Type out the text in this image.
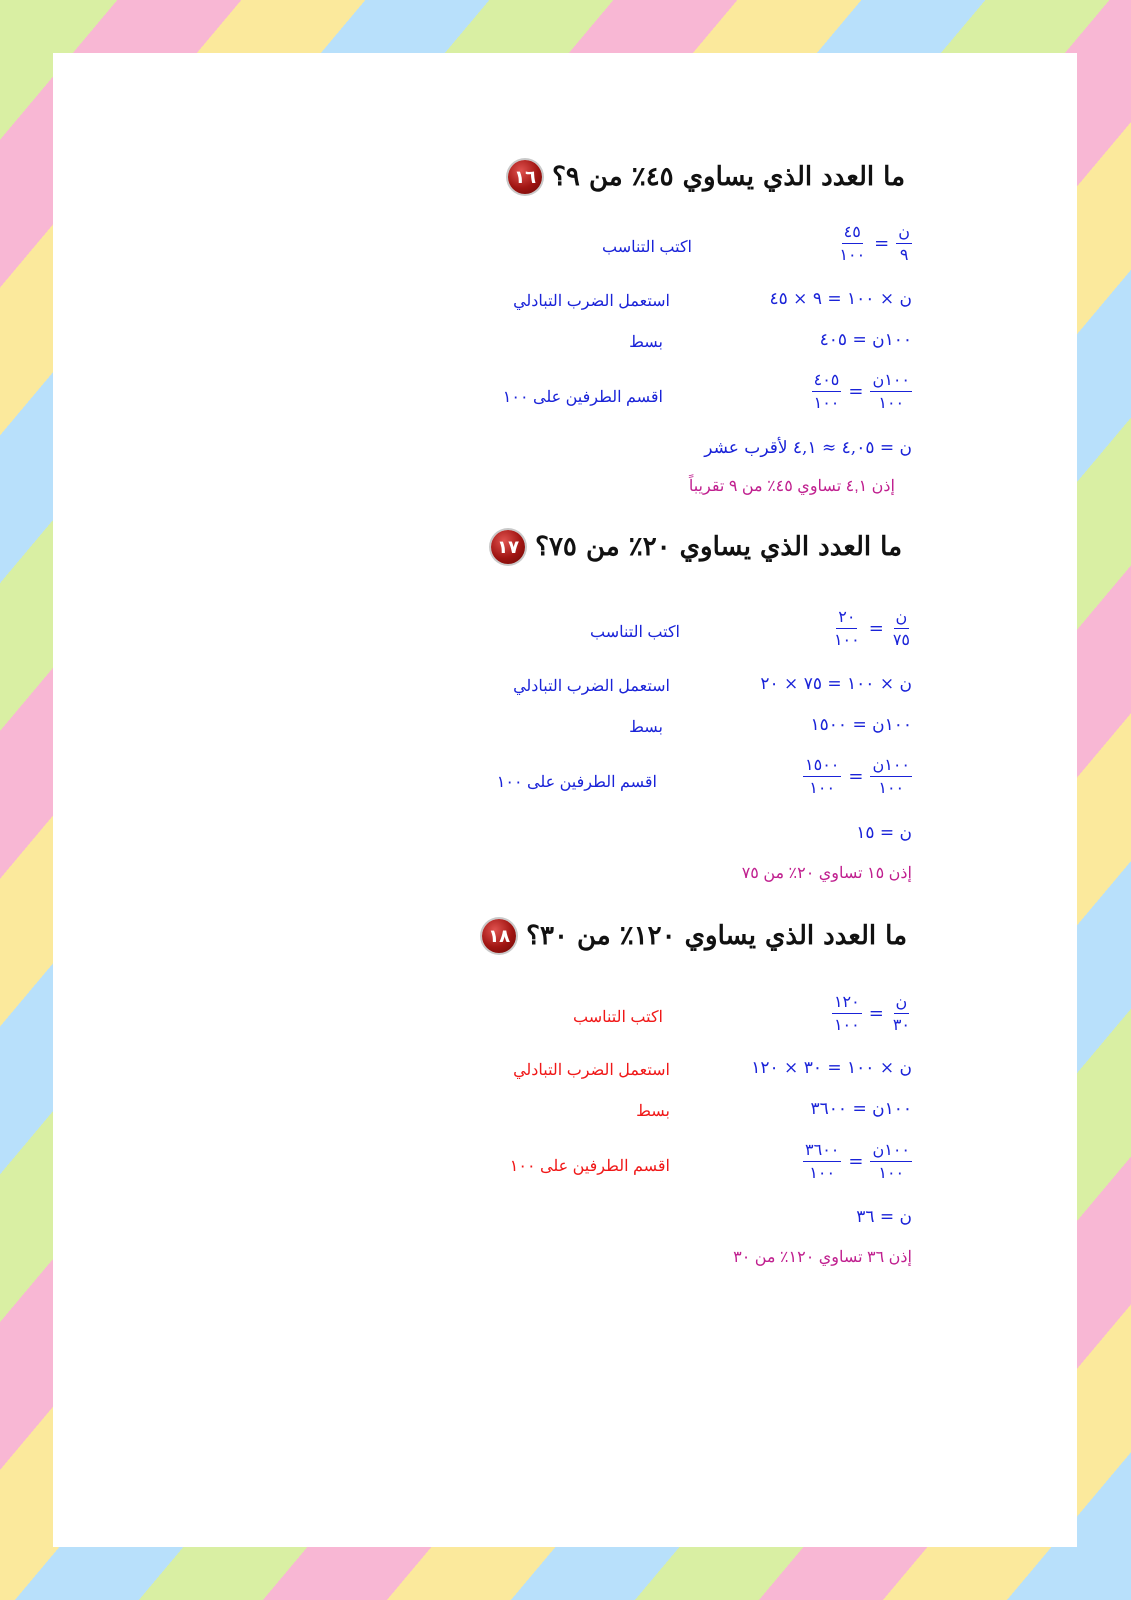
١٦ ما العدد الذي يساوي ٤٥٪ من ٩؟
$\frac{\text{ن}}{٩}$
=
$\frac{٤٥}{١٠٠}$
اكتب التناسب
ن × ١٠٠ = ٩ × ٤٥
استعمل الضرب التبادلي
١٠٠ن = ٤٠٥
بسط
$\frac{\text{١٠٠ن}}{١٠٠}$
=
$\frac{٤٠٥}{١٠٠}$
اقسم الطرفين على ١٠٠
ن = ٤,٠٥ ≈ ٤,١ لأقرب عشر
إذن ٤,١ تساوي ٤٥٪ من ٩ تقريباً
١٧ ما العدد الذي يساوي ٢٠٪ من ٧٥؟
$\frac{\text{ن}}{٧٥}$
=
$\frac{٢٠}{١٠٠}$
اكتب التناسب
ن × ١٠٠ = ٧٥ × ٢٠
استعمل الضرب التبادلي
١٠٠ن = ١٥٠٠
بسط
$\frac{\text{١٠٠ن}}{١٠٠}$
=
$\frac{١٥٠٠}{١٠٠}$
اقسم الطرفين على ١٠٠
ن = ١٥
إذن ١٥ تساوي ٢٠٪ من ٧٥
١٨ ما العدد الذي يساوي ١٢٠٪ من ٣٠؟
$\frac{\text{ن}}{٣٠}$
=
$\frac{١٢٠}{١٠٠}$
اكتب التناسب
ن × ١٠٠ = ٣٠ × ١٢٠
استعمل الضرب التبادلي
١٠٠ن = ٣٦٠٠
بسط
$\frac{\text{١٠٠ن}}{١٠٠}$
=
$\frac{٣٦٠٠}{١٠٠}$
اقسم الطرفين على ١٠٠
ن = ٣٦
إذن ٣٦ تساوي ١٢٠٪ من ٣٠
